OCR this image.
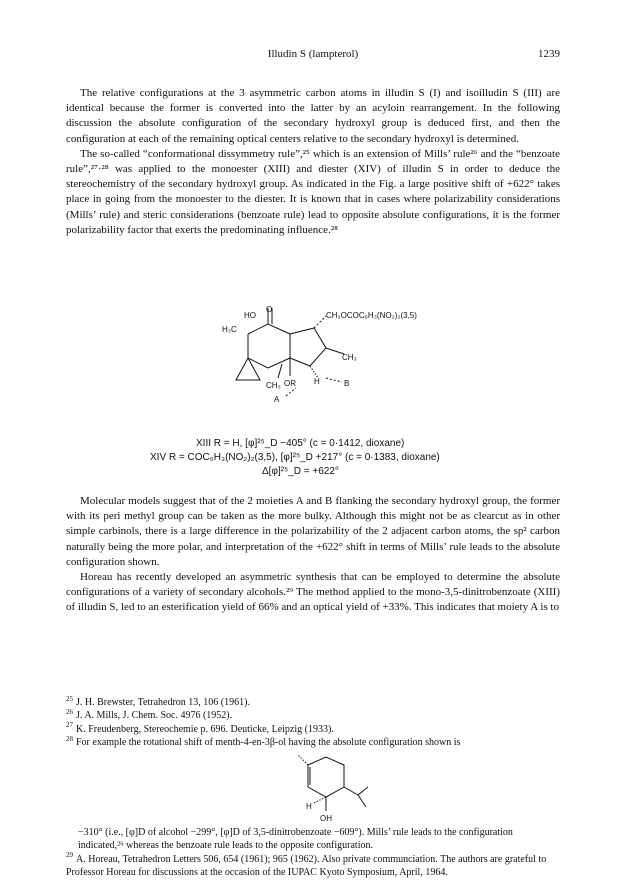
Illudin S (lampterol)	1239

The relative configurations at the 3 asymmetric carbon atoms in illudin S (I) and isoilludin S (III) are identical because the former is converted into the latter by an acyloin rearrangement. In the following discussion the absolute configuration of the secondary hydroxyl group is deduced first, and then the configuration at each of the remaining optical centers relative to the secondary hydroxyl is determined.

The so-called “conformational dissymmetry rule”,²⁵ which is an extension of Mills’ rule²⁶ and the “benzoate rule”,²⁷·²⁸ was applied to the monoester (XIII) and diester (XIV) of illudin S in order to deduce the stereochemistry of the secondary hydroxyl group. As indicated in the Fig. a large positive shift of +622° takes place in going from the monoester to the diester. It is known that in cases where polarizability considerations (Mills’ rule) and steric considerations (benzoate rule) lead to opposite absolute configurations, it is the former polarizability factor that exerts the predominating influence.²⁸

HO
O
H₃C
CH₂OCOC₆H₃(NO₂)₂(3,5)
CH₃
CH₃ OR H	B
A
XIII R = H, [φ]²⁵_D −405° (c = 0·1412, dioxane)
XIV R = COC₆H₃(NO₂)₂(3,5), [φ]²⁵_D +217° (c = 0·1383, dioxane)
Δ[φ]²⁵_D = +622°

Molecular models suggest that of the 2 moieties A and B flanking the secondary hydroxyl group, the former with its peri methyl group can be taken as the more bulky. Although this might not be as clearcut as in other simple carbinols, there is a large difference in the polarizability of the 2 adjacent carbon atoms, the sp² carbon naturally being the more polar, and interpretation of the +622° shift in terms of Mills’ rule leads to the absolute configuration shown.

Horeau has recently developed an asymmetric synthesis that can be employed to determine the absolute configurations of a variety of secondary alcohols.²⁹ The method applied to the mono-3,5-dinitrobenzoate (XIII) of illudin S, led to an esterification yield of 66% and an optical yield of +33%. This indicates that moiety A is to

$^{25}$ J. H. Brewster, Tetrahedron 13, 106 (1961).

$^{26}$ J. A. Mills, J. Chem. Soc. 4976 (1952).

$^{27}$ K. Freudenberg, Stereochemie p. 696. Deuticke, Leipzig (1933).

$^{28}$ For example the rotational shift of menth-4-en-3β-ol having the absolute configuration shown is

H
OH

−310° (i.e., [φ]D of alcohol −299°, [φ]D of 3,5-dinitrobenzoate −609°). Mills’ rule leads to the configuration indicated,²⁶ whereas the benzoate rule leads to the opposite configuration.

$^{29}$ A. Horeau, Tetrahedron Letters 506, 654 (1961); 965 (1962). Also private communciation. The authors are grateful to Professor Horeau for discussions at the occasion of the IUPAC Kyoto Symposium, April, 1964.
